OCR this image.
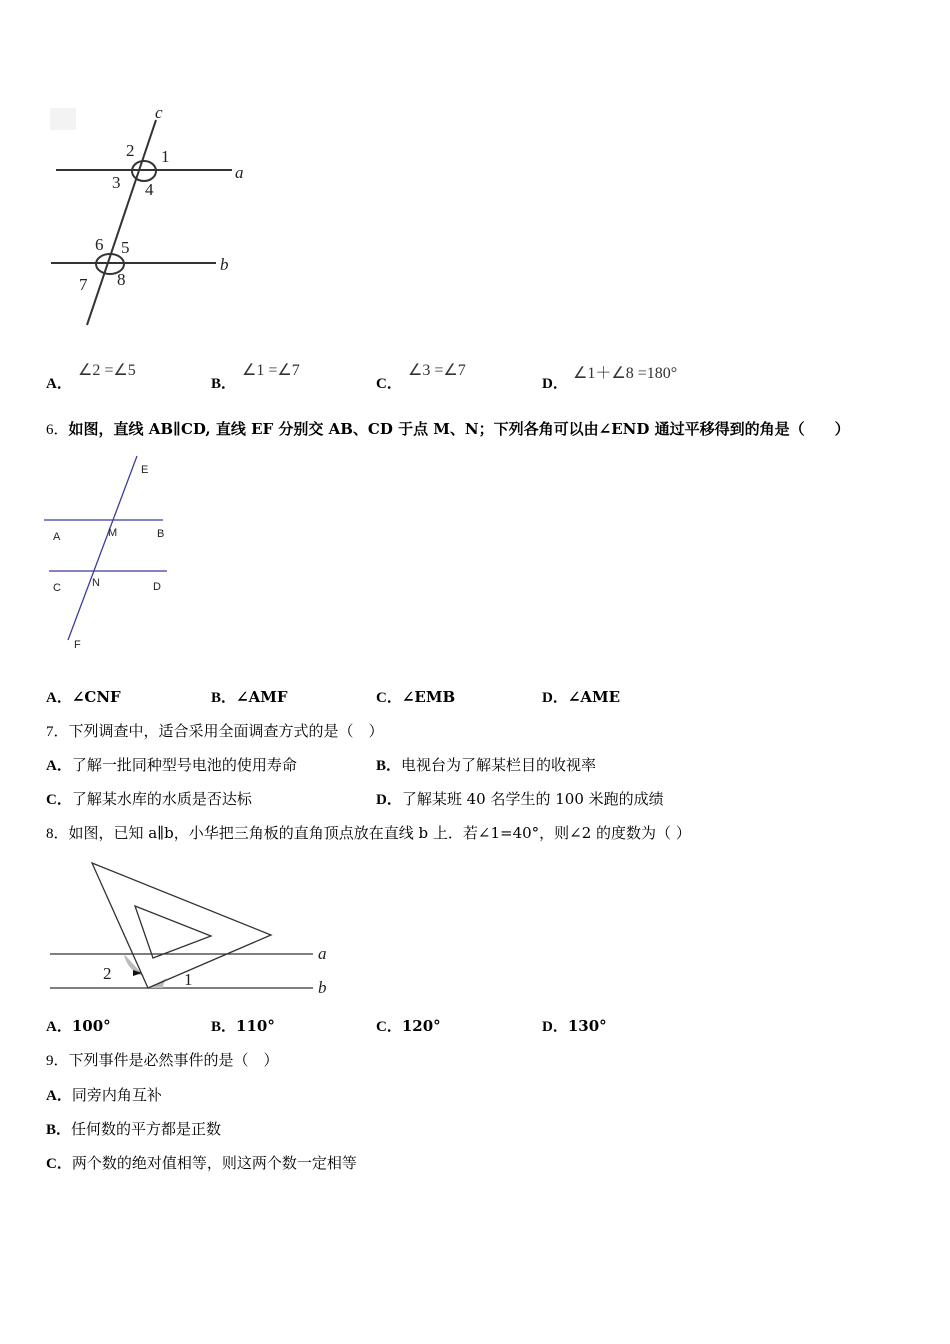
c
a
b
2 1
3 4
6 5
7 8
A．
∠2 =∠5
B．
∠1 =∠7
C．
∠3 =∠7
D．
∠1＋∠8 =180°
6．如图，直线 AB∥CD, 直线 EF 分别交 AB、CD 于点 M、N；下列各角可以由∠END 通过平移得到的角是（　　）
E
A	M	B
C	N	D
F
A．∠CNF	B．∠AMF	C．∠EMB	D．∠AME
7．下列调查中，适合采用全面调查方式的是（　）
A．了解一批同种型号电池的使用寿命	B．电视台为了解某栏目的收视率
C．了解某水库的水质是否达标	D．了解某班 40 名学生的 100 米跑的成绩
8．如图，已知 a∥b，小华把三角板的直角顶点放在直线 b 上．若∠1=40°，则∠2 的度数为（ ）
a
b
1
2
A．100°	B．110°	C．120°	D．130°
9．下列事件是必然事件的是（　）
A．同旁内角互补
B．任何数的平方都是正数
C．两个数的绝对值相等，则这两个数一定相等
